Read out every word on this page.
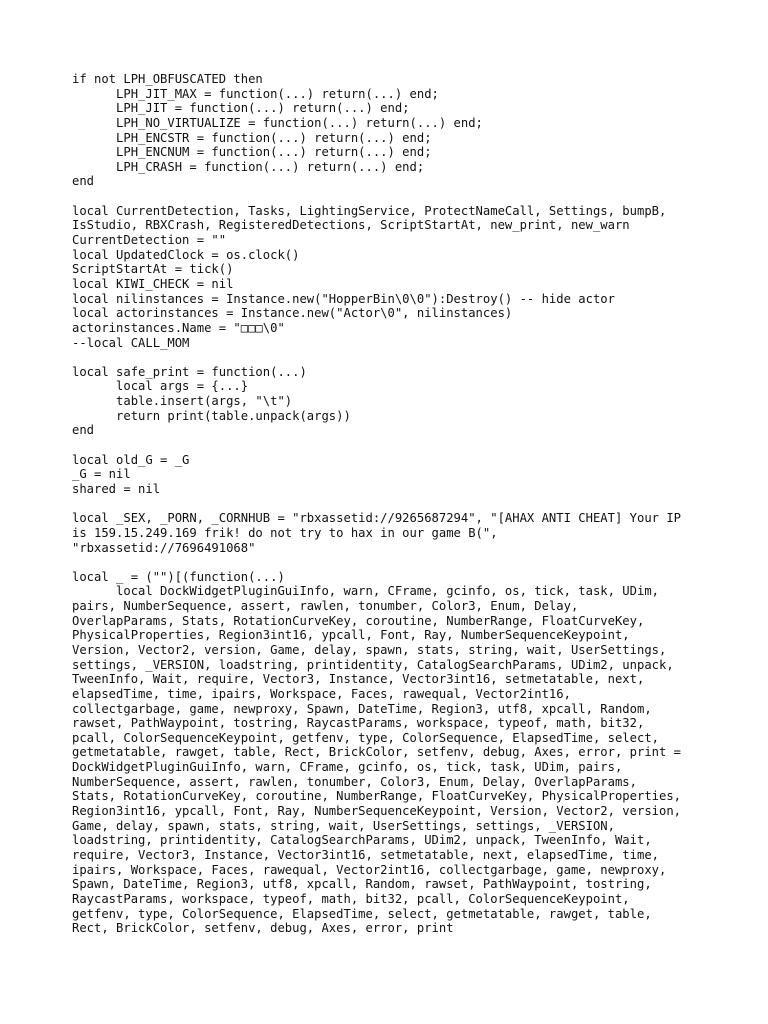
if not LPH_OBFUSCATED then
LPH_JIT_MAX = function(...) return(...) end;
LPH_JIT = function(...) return(...) end;
LPH_NO_VIRTUALIZE = function(...) return(...) end;
LPH_ENCSTR = function(...) return(...) end;
LPH_ENCNUM = function(...) return(...) end;
LPH_CRASH = function(...) return(...) end;
end
local CurrentDetection, Tasks, LightingService, ProtectNameCall, Settings, bumpB,
IsStudio, RBXCrash, RegisteredDetections, ScriptStartAt, new_print, new_warn
CurrentDetection = ""
local UpdatedClock = os.clock()
ScriptStartAt = tick()
local KIWI_CHECK = nil
local nilinstances = Instance.new("HopperBin\0\0"):Destroy() -- hide actor
local actorinstances = Instance.new("Actor\0", nilinstances)
actorinstances.Name = "□□□\0"
--local CALL_MOM
local safe_print = function(...)
local args = {...}
table.insert(args, "\t")
return print(table.unpack(args))
end
local old_G = _G
_G = nil
shared = nil
local _SEX, _PORN, _CORNHUB = "rbxassetid://9265687294", "[AHAX ANTI CHEAT] Your IP
is 159.15.249.169 frik! do not try to hax in our game B(",
"rbxassetid://7696491068"
local _ = ("")[(function(...)
local DockWidgetPluginGuiInfo, warn, CFrame, gcinfo, os, tick, task, UDim,
pairs, NumberSequence, assert, rawlen, tonumber, Color3, Enum, Delay,
OverlapParams, Stats, RotationCurveKey, coroutine, NumberRange, FloatCurveKey,
PhysicalProperties, Region3int16, ypcall, Font, Ray, NumberSequenceKeypoint,
Version, Vector2, version, Game, delay, spawn, stats, string, wait, UserSettings,
settings, _VERSION, loadstring, printidentity, CatalogSearchParams, UDim2, unpack,
TweenInfo, Wait, require, Vector3, Instance, Vector3int16, setmetatable, next,
elapsedTime, time, ipairs, Workspace, Faces, rawequal, Vector2int16,
collectgarbage, game, newproxy, Spawn, DateTime, Region3, utf8, xpcall, Random,
rawset, PathWaypoint, tostring, RaycastParams, workspace, typeof, math, bit32,
pcall, ColorSequenceKeypoint, getfenv, type, ColorSequence, ElapsedTime, select,
getmetatable, rawget, table, Rect, BrickColor, setfenv, debug, Axes, error, print =
DockWidgetPluginGuiInfo, warn, CFrame, gcinfo, os, tick, task, UDim, pairs,
NumberSequence, assert, rawlen, tonumber, Color3, Enum, Delay, OverlapParams,
Stats, RotationCurveKey, coroutine, NumberRange, FloatCurveKey, PhysicalProperties,
Region3int16, ypcall, Font, Ray, NumberSequenceKeypoint, Version, Vector2, version,
Game, delay, spawn, stats, string, wait, UserSettings, settings, _VERSION,
loadstring, printidentity, CatalogSearchParams, UDim2, unpack, TweenInfo, Wait,
require, Vector3, Instance, Vector3int16, setmetatable, next, elapsedTime, time,
ipairs, Workspace, Faces, rawequal, Vector2int16, collectgarbage, game, newproxy,
Spawn, DateTime, Region3, utf8, xpcall, Random, rawset, PathWaypoint, tostring,
RaycastParams, workspace, typeof, math, bit32, pcall, ColorSequenceKeypoint,
getfenv, type, ColorSequence, ElapsedTime, select, getmetatable, rawget, table,
Rect, BrickColor, setfenv, debug, Axes, error, print
